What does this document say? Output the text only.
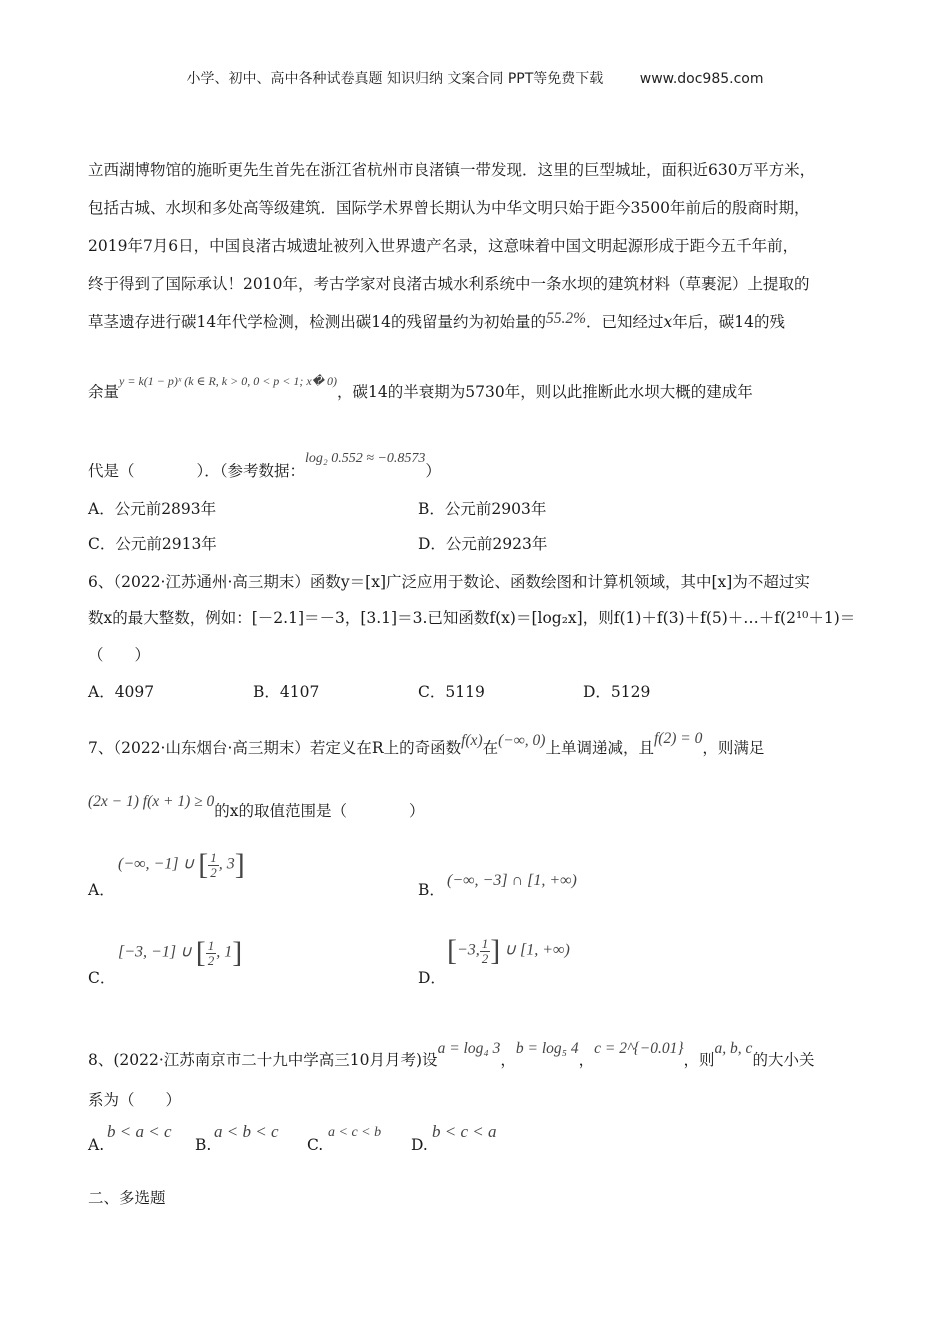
小学、初中、高中各种试卷真题 知识归纳 文案合同 PPT等免费下载	www.doc985.com
立西湖博物馆的施昕更先生首先在浙江省杭州市良渚镇一带发现．这里的巨型城址，面积近630万平方米，
包括古城、水坝和多处高等级建筑．国际学术界曾长期认为中华文明只始于距今3500年前后的殷商时期，
2019年7月6日，中国良渚古城遗址被列入世界遗产名录，这意味着中国文明起源形成于距今五千年前，
终于得到了国际承认！2010年，考古学家对良渚古城水利系统中一条水坝的建筑材料（草裹泥）上提取的
草茎遗存进行碳14年代学检测，检测出碳14的残留量约为初始量的55.2%．已知经过x年后，碳14的残
余量$^{y = k(1 - p)ˣ (k \in R, k > 0, 0 < p < 1; x� 0)}$，碳14的半衰期为5730年，则以此推断此水坝大概的建成年
代是（　　　　）．（参考数据：log₂ 0.552 ≈ −0.8573）
A．公元前2893年	B．公元前2903年
C．公元前2913年	D．公元前2923年
6、（2022·江苏通州·高三期末）函数y＝[x]广泛应用于数论、函数绘图和计算机领域，其中[x]为不超过实
数x的最大整数，例如：[－2.1]＝－3，[3.1]＝3.已知函数f(x)＝[log₂x]，则f(1)＋f(3)＋f(5)＋…＋f(2¹⁰＋1)＝
（　　）
A．4097	B．4107	C．5119	D．5129
7、（2022·山东烟台·高三期末）若定义在R上的奇函数f(x)在(−∞, 0)上单调递减，且f(2) = 0，则满足
(2x − 1) f(x + 1) ≥ 0的x的取值范围是（　　　　）
A．
(−∞, −1] ∪ [ $\frac{1}{2}$ , 3]
B．
(−∞, −3] ∩ [1, +∞)
C．
[−3, −1] ∪ [ $\frac{1}{2}$ , 1]
D．
[−3, $\frac{1}{2}$ ] ∪ [1, +∞)
8、(2022·江苏南京市二十九中学高三10月月考)设a = log₄ 3，b = log₅ 4，c = 2^{−0.01}，则a, b, c的大小关
系为（　　）
A.
b < a < c
B.
a < b < c
C.
a < c < b
D.
b < c < a
二、多选题
